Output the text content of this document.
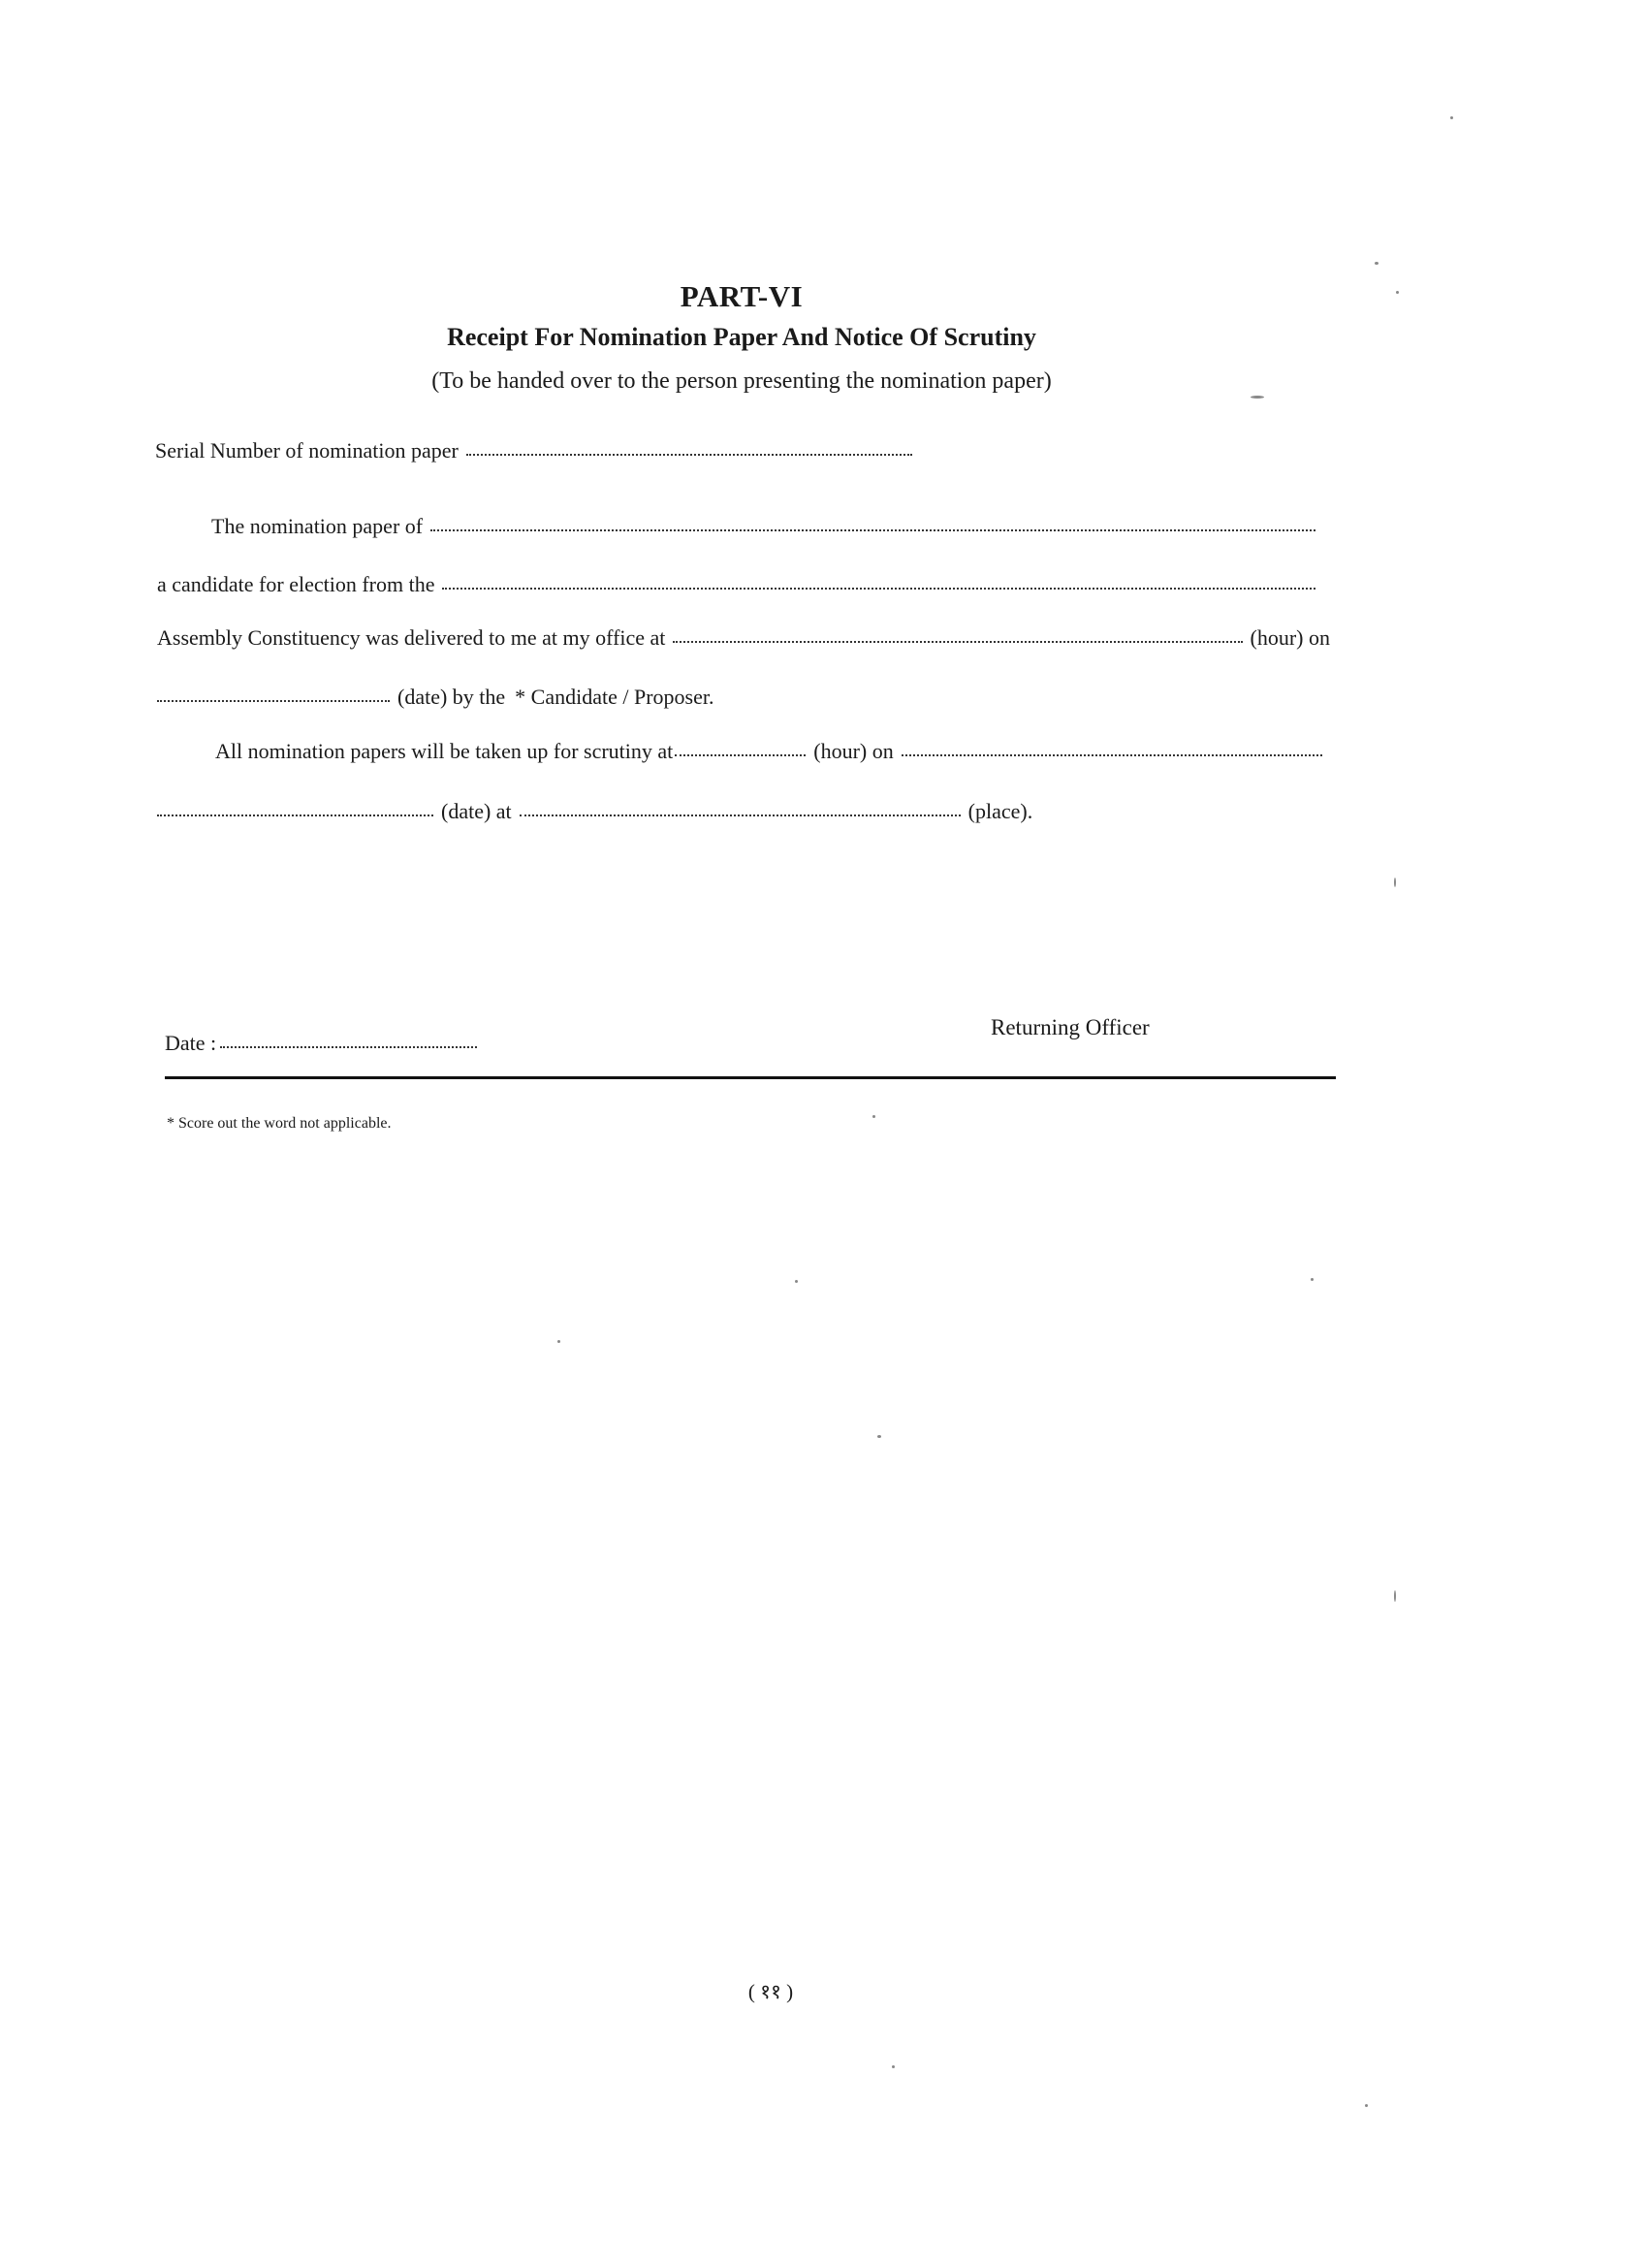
PART-VI
Receipt For Nomination Paper And Notice Of Scrutiny
(To be handed over to the person presenting the nomination paper)
Serial Number of nomination paper
The nomination paper of
a candidate for election from the
Assembly Constituency was delivered to me at my office at	(hour) on
(date) by the * Candidate / Proposer.
All nomination papers will be taken up for scrutiny at	(hour) on
(date) at	(place).
Date :
Returning Officer
* Score out the word not applicable.
( ११ )
